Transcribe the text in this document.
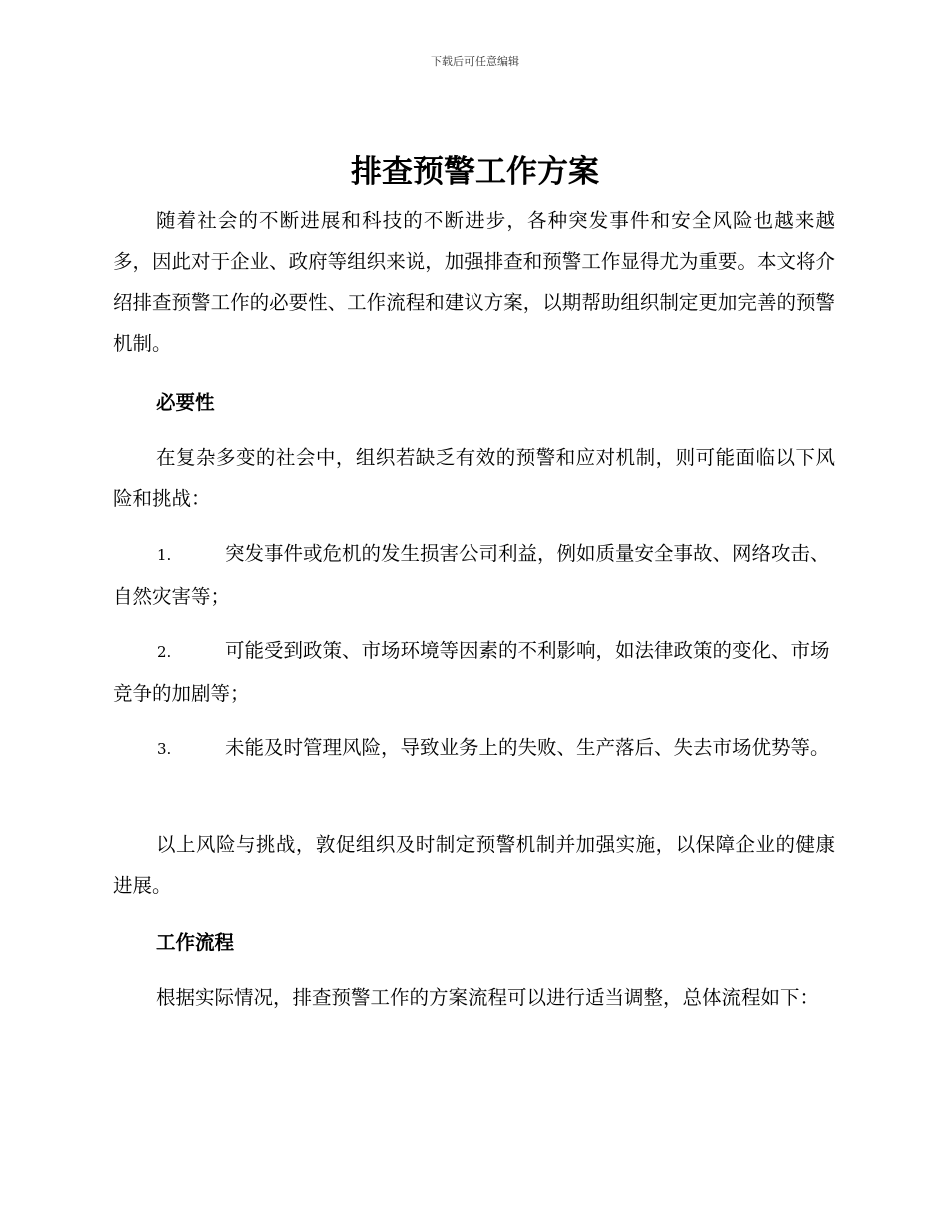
下载后可任意编辑
排查预警工作方案

随着社会的不断进展和科技的不断进步，各种突发事件和安全风险也越来越多，因此对于企业、政府等组织来说，加强排查和预警工作显得尤为重要。本文将介绍排查预警工作的必要性、工作流程和建议方案，以期帮助组织制定更加完善的预警机制。

必要性

在复杂多变的社会中，组织若缺乏有效的预警和应对机制，则可能面临以下风险和挑战：

1.	突发事件或危机的发生损害公司利益，例如质量安全事故、网络攻击、自然灾害等；

2.	可能受到政策、市场环境等因素的不利影响，如法律政策的变化、市场竞争的加剧等；

3.	未能及时管理风险，导致业务上的失败、生产落后、失去市场优势等。

以上风险与挑战，敦促组织及时制定预警机制并加强实施，以保障企业的健康进展。

工作流程

根据实际情况，排查预警工作的方案流程可以进行适当调整，总体流程如下：
